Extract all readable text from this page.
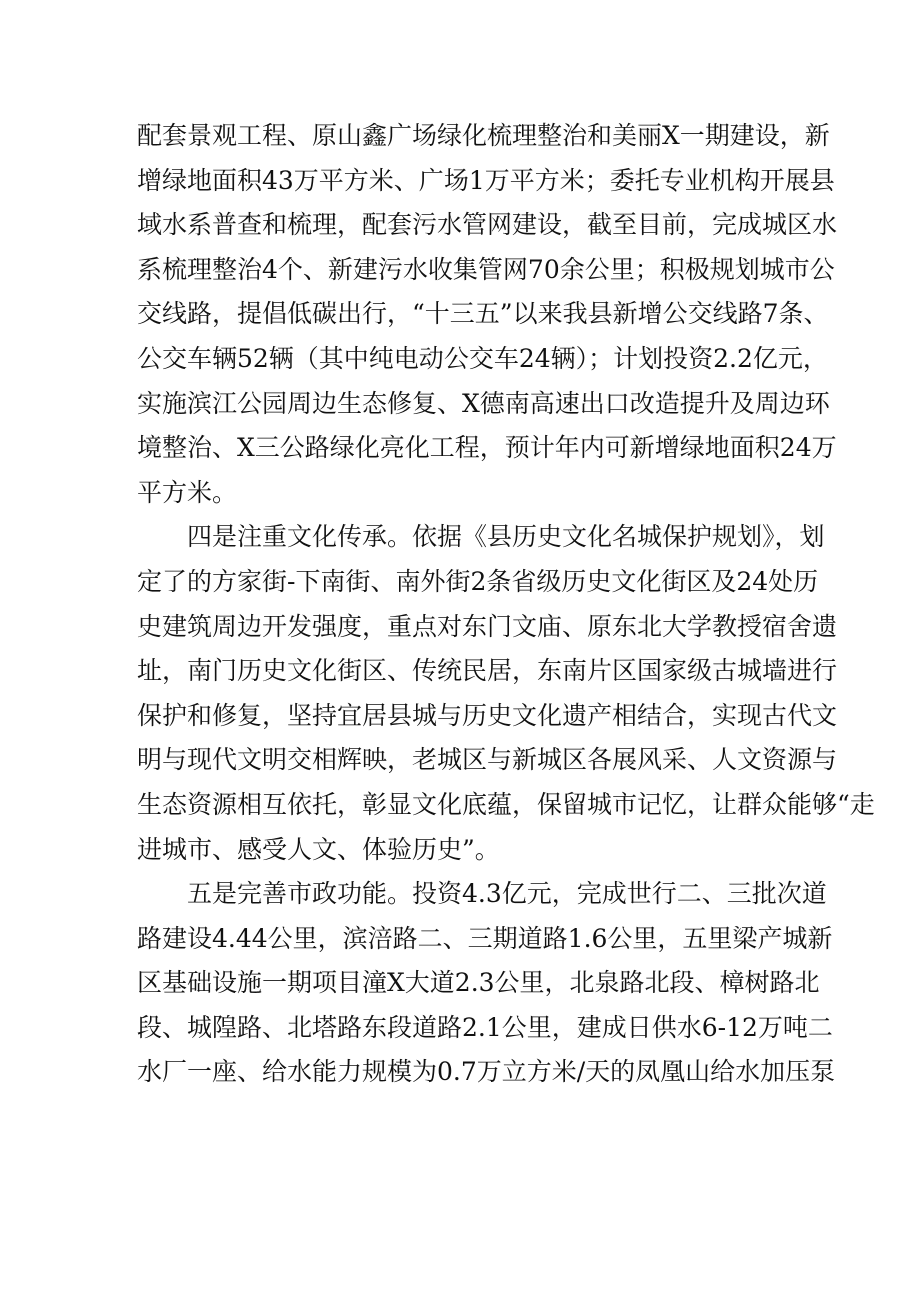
配套景观工程、原山鑫广场绿化梳理整治和美丽X一期建设，新
增绿地面积43万平方米、广场1万平方米；委托专业机构开展县
域水系普查和梳理，配套污水管网建设，截至目前，完成城区水
系梳理整治4个、新建污水收集管网70余公里；积极规划城市公
交线路，提倡低碳出行，“十三五”以来我县新增公交线路7条、
公交车辆52辆（其中纯电动公交车24辆）；计划投资2.2亿元，
实施滨江公园周边生态修复、X德南高速出口改造提升及周边环
境整治、X三公路绿化亮化工程，预计年内可新增绿地面积24万
平方米。
四是注重文化传承。依据《县历史文化名城保护规划》，划
定了的方家街-下南街、南外街2条省级历史文化街区及24处历
史建筑周边开发强度，重点对东门文庙、原东北大学教授宿舍遗
址，南门历史文化街区、传统民居，东南片区国家级古城墙进行
保护和修复，坚持宜居县城与历史文化遗产相结合，实现古代文
明与现代文明交相辉映，老城区与新城区各展风采、人文资源与
生态资源相互依托，彰显文化底蕴，保留城市记忆，让群众能够“走
进城市、感受人文、体验历史”。
五是完善市政功能。投资4.3亿元，完成世行二、三批次道
路建设4.44公里，滨涪路二、三期道路1.6公里，五里梁产城新
区基础设施一期项目潼X大道2.3公里，北泉路北段、樟树路北
段、城隍路、北塔路东段道路2.1公里，建成日供水6-12万吨二
水厂一座、给水能力规模为0.7万立方米/天的凤凰山给水加压泵
